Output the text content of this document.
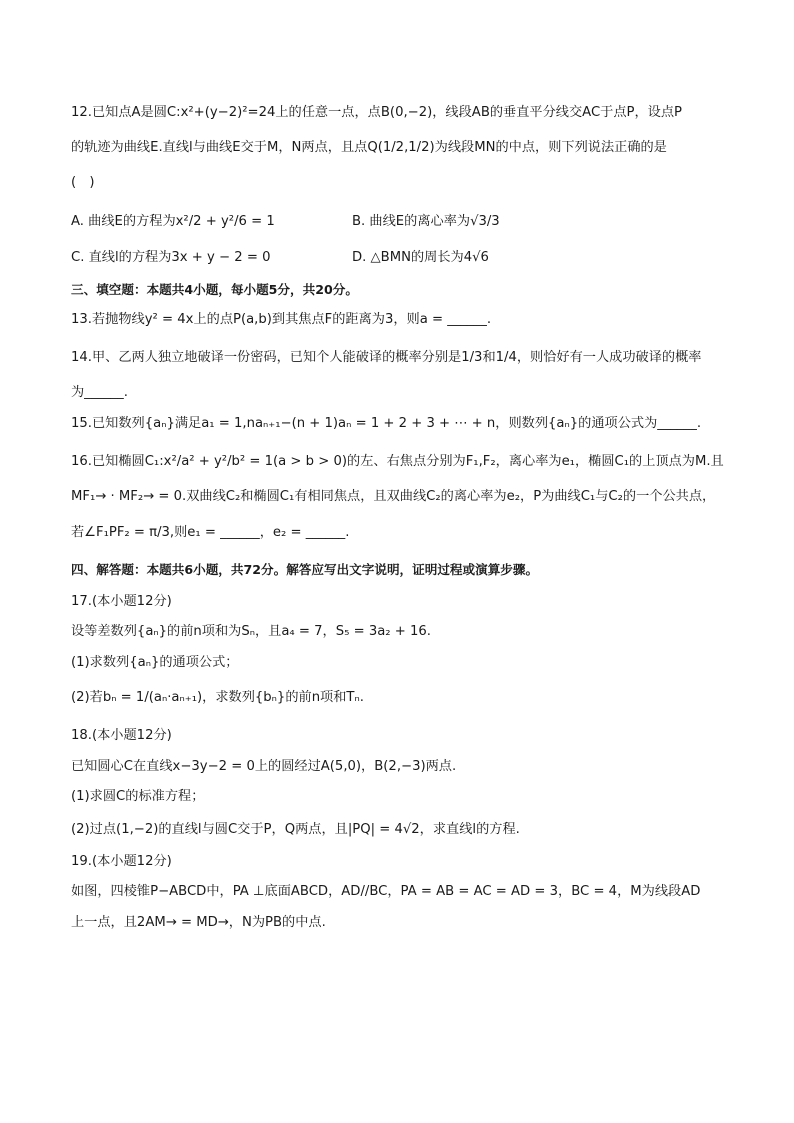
12.已知点A是圆C:x²+(y−2)²=24上的任意一点，点B(0,−2)，线段AB的垂直平分线交AC于点P，设点P
的轨迹为曲线E.直线l与曲线E交于M，N两点，且点Q(1/2,1/2)为线段MN的中点，则下列说法正确的是
(　)
A. 曲线E的方程为x²/2 + y²/6 = 1	B. 曲线E的离心率为√3/3
C. 直线l的方程为3x + y − 2 = 0	D. △BMN的周长为4√6
三、填空题：本题共4小题，每小题5分，共20分。
13.若抛物线y² = 4x上的点P(a,b)到其焦点F的距离为3，则a = ______.
14.甲、乙两人独立地破译一份密码，已知个人能破译的概率分别是1/3和1/4，则恰好有一人成功破译的概率
为______.
15.已知数列{aₙ}满足a₁ = 1,naₙ₊₁−(n + 1)aₙ = 1 + 2 + 3 + ⋯ + n，则数列{aₙ}的通项公式为______.
16.已知椭圆C₁:x²/a² + y²/b² = 1(a > b > 0)的左、右焦点分别为F₁,F₂，离心率为e₁，椭圆C₁的上顶点为M.且
MF₁→ · MF₂→ = 0.双曲线C₂和椭圆C₁有相同焦点，且双曲线C₂的离心率为e₂，P为曲线C₁与C₂的一个公共点，
若∠F₁PF₂ = π/3,则e₁ = ______，e₂ = ______.
四、解答题：本题共6小题，共72分。解答应写出文字说明，证明过程或演算步骤。
17.(本小题12分)
设等差数列{aₙ}的前n项和为Sₙ，且a₄ = 7，S₅ = 3a₂ + 16.
(1)求数列{aₙ}的通项公式；
(2)若bₙ = 1/(aₙ·aₙ₊₁)，求数列{bₙ}的前n项和Tₙ.
18.(本小题12分)
已知圆心C在直线x−3y−2 = 0上的圆经过A(5,0)，B(2,−3)两点.
(1)求圆C的标准方程；
(2)过点(1,−2)的直线l与圆C交于P，Q两点，且|PQ| = 4√2，求直线l的方程.
19.(本小题12分)
如图，四棱锥P−ABCD中，PA ⊥底面ABCD，AD//BC，PA = AB = AC = AD = 3，BC = 4，M为线段AD
上一点，且2AM→ = MD→，N为PB的中点.
